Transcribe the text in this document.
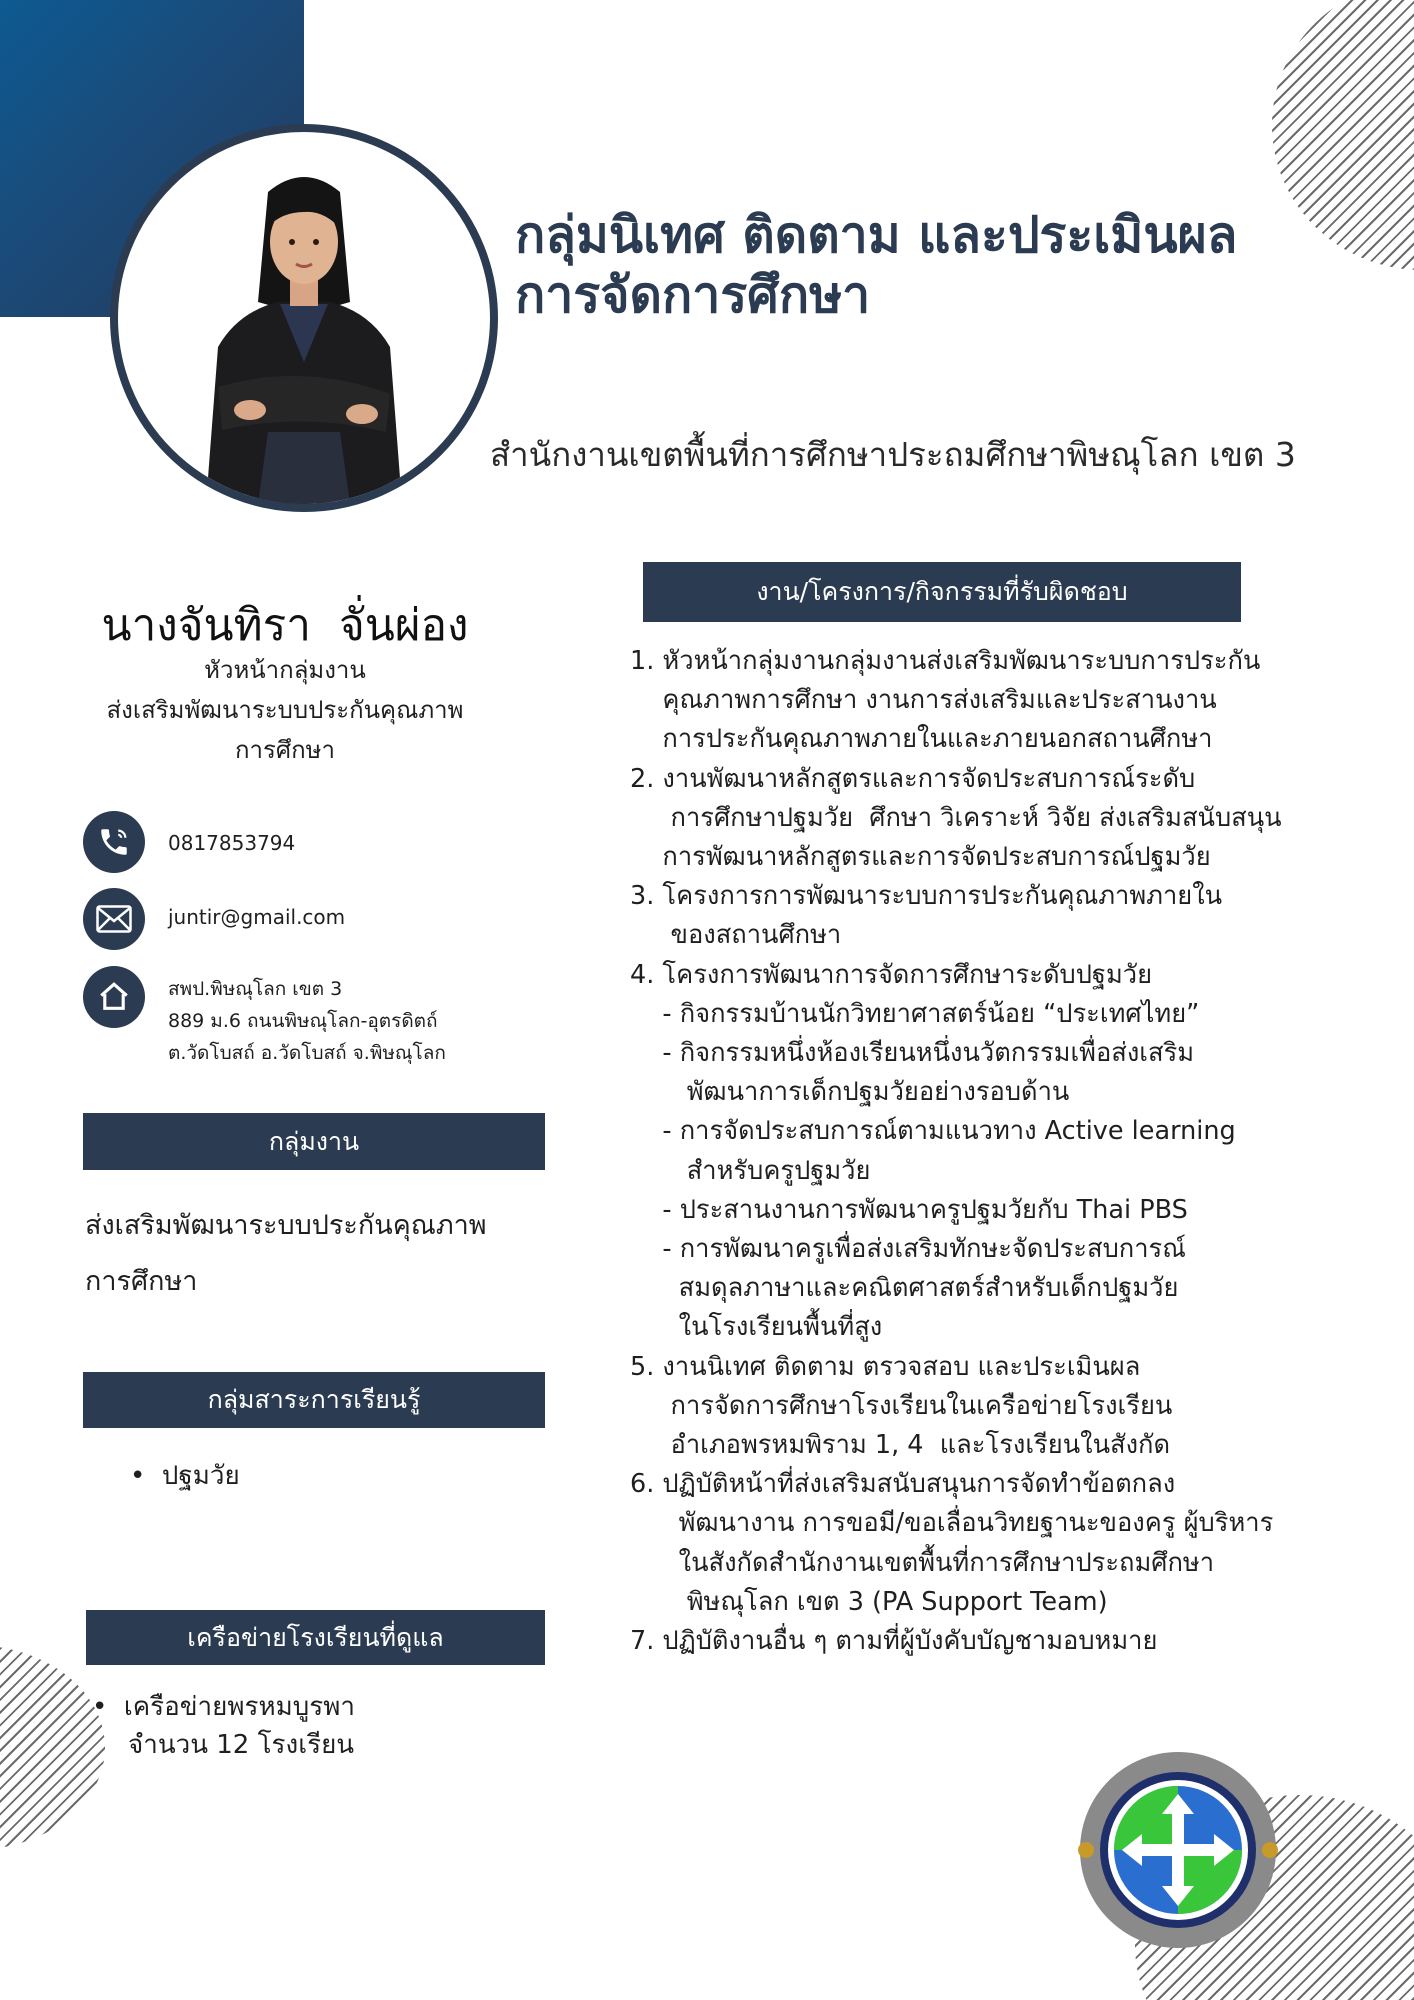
กลุ่มนิเทศ ติดตาม และประเมินผล
การจัดการศึกษา
สำนักงานเขตพื้นที่การศึกษาประถมศึกษาพิษณุโลก เขต 3
นางจันทิรา  จั่นผ่อง
หัวหน้ากลุ่มงาน
ส่งเสริมพัฒนาระบบประกันคุณภาพ
การศึกษา
0817853794
juntir@gmail.com
สพป.พิษณุโลก เขต 3
889 ม.6 ถนนพิษณุโลก-อุตรดิตถ์
ต.วัดโบสถ์ อ.วัดโบสถ์ จ.พิษณุโลก
กลุ่มงาน
ส่งเสริมพัฒนาระบบประกันคุณภาพ
การศึกษา
กลุ่มสาระการเรียนรู้
•  ปฐมวัย
เครือข่ายโรงเรียนที่ดูแล
•  เครือข่ายพรหมบูรพา
จำนวน 12 โรงเรียน
งาน/โครงการ/กิจกรรมที่รับผิดชอบ
1. หัวหน้ากลุ่มงานกลุ่มงานส่งเสริมพัฒนาระบบการประกัน
คุณภาพการศึกษา งานการส่งเสริมและประสานงาน
การประกันคุณภาพภายในและภายนอกสถานศึกษา
2. งานพัฒนาหลักสูตรและการจัดประสบการณ์ระดับ
การศึกษาปฐมวัย  ศึกษา วิเคราะห์ วิจัย ส่งเสริมสนับสนุน
การพัฒนาหลักสูตรและการจัดประสบการณ์ปฐมวัย
3. โครงการการพัฒนาระบบการประกันคุณภาพภายใน
ของสถานศึกษา
4. โครงการพัฒนาการจัดการศึกษาระดับปฐมวัย
- กิจกรรมบ้านนักวิทยาศาสตร์น้อย “ประเทศไทย”
- กิจกรรมหนึ่งห้องเรียนหนึ่งนวัตกรรมเพื่อส่งเสริม
พัฒนาการเด็กปฐมวัยอย่างรอบด้าน
- การจัดประสบการณ์ตามแนวทาง Active learning
สำหรับครูปฐมวัย
- ประสานงานการพัฒนาครูปฐมวัยกับ Thai PBS
- การพัฒนาครูเพื่อส่งเสริมทักษะจัดประสบการณ์
สมดุลภาษาและคณิตศาสตร์สำหรับเด็กปฐมวัย
ในโรงเรียนพื้นที่สูง
5. งานนิเทศ ติดตาม ตรวจสอบ และประเมินผล
การจัดการศึกษาโรงเรียนในเครือข่ายโรงเรียน
อำเภอพรหมพิราม 1, 4  และโรงเรียนในสังกัด
6. ปฏิบัติหน้าที่ส่งเสริมสนับสนุนการจัดทำข้อตกลง
พัฒนางาน การขอมี/ขอเลื่อนวิทยฐานะของครู ผู้บริหาร
ในสังกัดสำนักงานเขตพื้นที่การศึกษาประถมศึกษา
พิษณุโลก เขต 3 (PA Support Team)
7. ปฏิบัติงานอื่น ๆ ตามที่ผู้บังคับบัญชามอบหมาย
